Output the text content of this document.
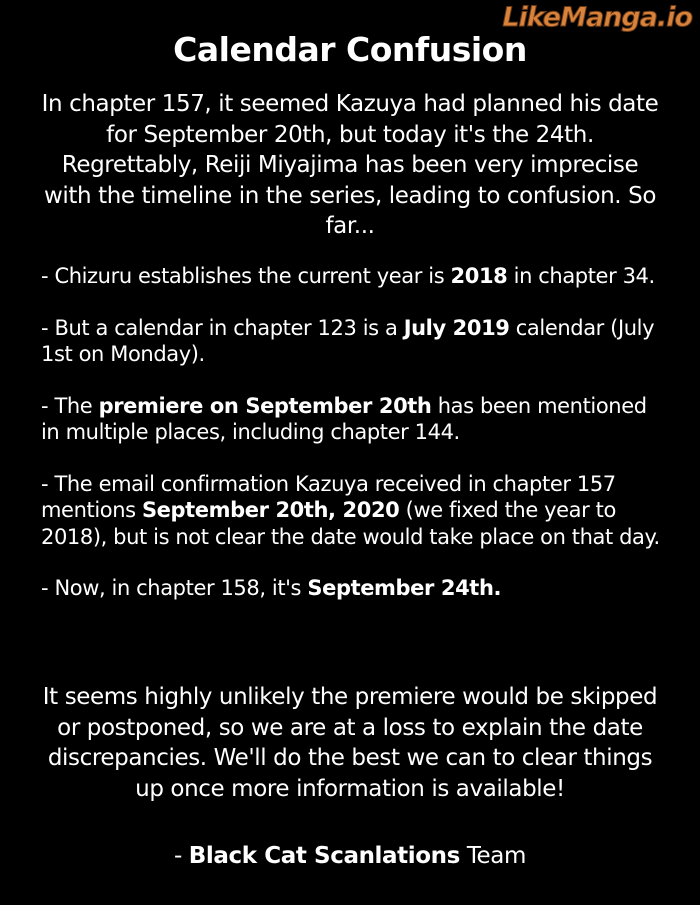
LikeManga.io
Calendar Confusion
In chapter 157, it seemed Kazuya had planned his date for September 20th, but today it's the 24th. Regrettably, Reiji Miyajima has been very imprecise with the timeline in the series, leading to confusion. So far...

- Chizuru establishes the current year is 2018 in chapter 34.

- But a calendar in chapter 123 is a July 2019 calendar (July 1st on Monday).

- The premiere on September 20th has been mentioned in multiple places, including chapter 144.

- The email confirmation Kazuya received in chapter 157 mentions September 20th, 2020 (we fixed the year to 2018), but is not clear the date would take place on that day.

- Now, in chapter 158, it's September 24th.

It seems highly unlikely the premiere would be skipped or postponed, so we are at a loss to explain the date discrepancies. We'll do the best we can to clear things up once more information is available!
- Black Cat Scanlations Team
